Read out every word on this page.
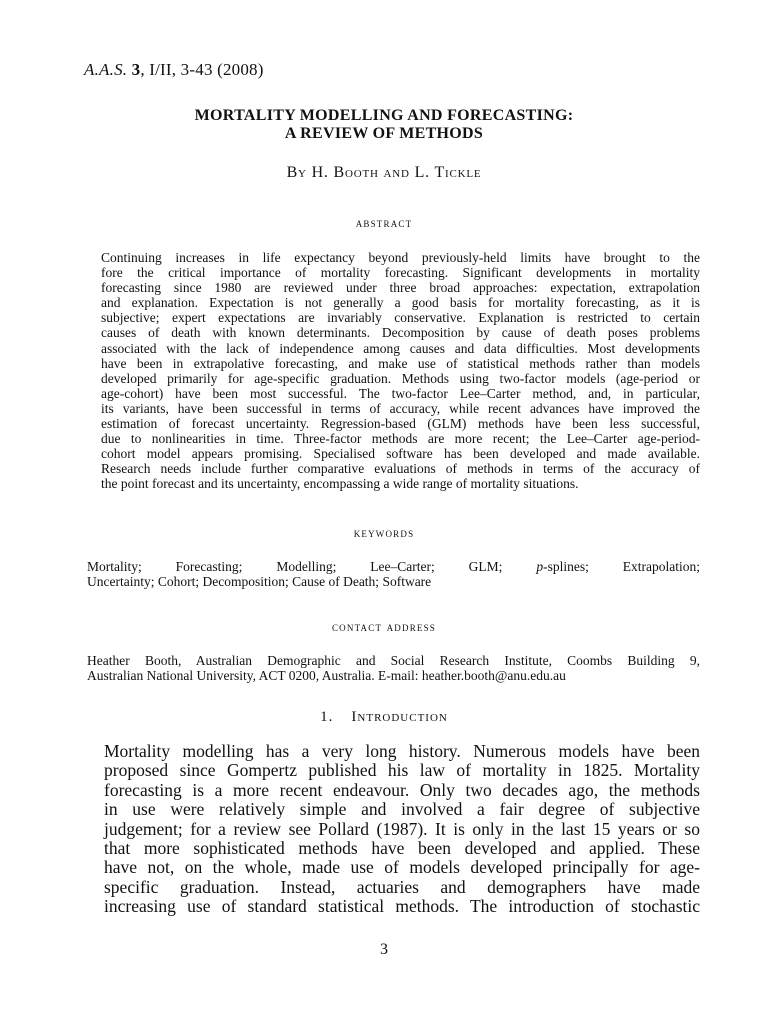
A.A.S. 3, I/II, 3-43 (2008)
MORTALITY MODELLING AND FORECASTING:
A REVIEW OF METHODS
By H. Booth and L. Tickle
abstract
Continuing increases in life expectancy beyond previously-held limits have brought to the
fore the critical importance of mortality forecasting. Significant developments in mortality
forecasting since 1980 are reviewed under three broad approaches: expectation, extrapolation
and explanation. Expectation is not generally a good basis for mortality forecasting, as it is
subjective; expert expectations are invariably conservative. Explanation is restricted to certain
causes of death with known determinants. Decomposition by cause of death poses problems
associated with the lack of independence among causes and data difficulties. Most developments
have been in extrapolative forecasting, and make use of statistical methods rather than models
developed primarily for age-specific graduation. Methods using two-factor models (age-period or
age-cohort) have been most successful. The two-factor Lee–Carter method, and, in particular,
its variants, have been successful in terms of accuracy, while recent advances have improved the
estimation of forecast uncertainty. Regression-based (GLM) methods have been less successful,
due to nonlinearities in time. Three-factor methods are more recent; the Lee–Carter age-period-
cohort model appears promising. Specialised software has been developed and made available.
Research needs include further comparative evaluations of methods in terms of the accuracy of
the point forecast and its uncertainty, encompassing a wide range of mortality situations.
keywords
Mortality; Forecasting; Modelling; Lee–Carter; GLM; p-splines; Extrapolation;
Uncertainty; Cohort; Decomposition; Cause of Death; Software
contact address
Heather Booth, Australian Demographic and Social Research Institute, Coombs Building 9,
Australian National University, ACT 0200, Australia. E-mail: heather.booth@anu.edu.au
1. Introduction
Mortality modelling has a very long history. Numerous models have been
proposed since Gompertz published his law of mortality in 1825. Mortality
forecasting is a more recent endeavour. Only two decades ago, the methods
in use were relatively simple and involved a fair degree of subjective
judgement; for a review see Pollard (1987). It is only in the last 15 years or so
that more sophisticated methods have been developed and applied. These
have not, on the whole, made use of models developed principally for age-
specific graduation. Instead, actuaries and demographers have made
increasing use of standard statistical methods. The introduction of stochastic
3
